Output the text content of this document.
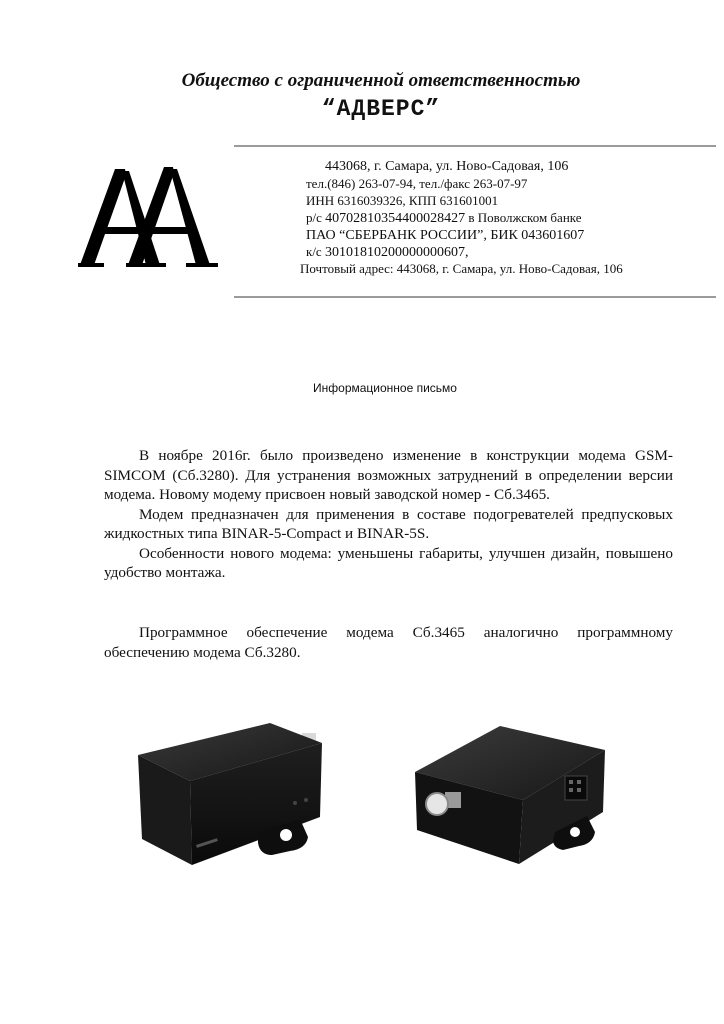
Общество с ограниченной ответственностью
“АДВЕРС”
AA	443068, г. Самара, ул. Ново-Садовая, 106
тел.(846) 263-07-94, тел./факс 263-07-97
ИНН 6316039326, КПП 631601001
р/с 40702810354400028427 в Поволжском банке
ПАО “СБЕРБАНК РОССИИ”, БИК 043601607
к/с 30101810200000000607,
Почтовый адрес: 443068, г. Самара, ул. Ново-Садовая, 106
Информационное письмо

В ноябре 2016г. было произведено изменение в конструкции модема GSM-SIMCOM (Сб.3280). Для устранения возможных затруднений в определении версии модема. Новому модему присвоен новый заводской номер - Сб.3465.

Модем предназначен для применения в составе подогревателей предпусковых жидкостных типа BINAR-5-Compact и BINAR-5S.

Особенности нового модема: уменьшены габариты, улучшен дизайн, повышено удобство монтажа.

Программное обеспечение модема Сб.3465 аналогично программному обеспечению модема Сб.3280.
